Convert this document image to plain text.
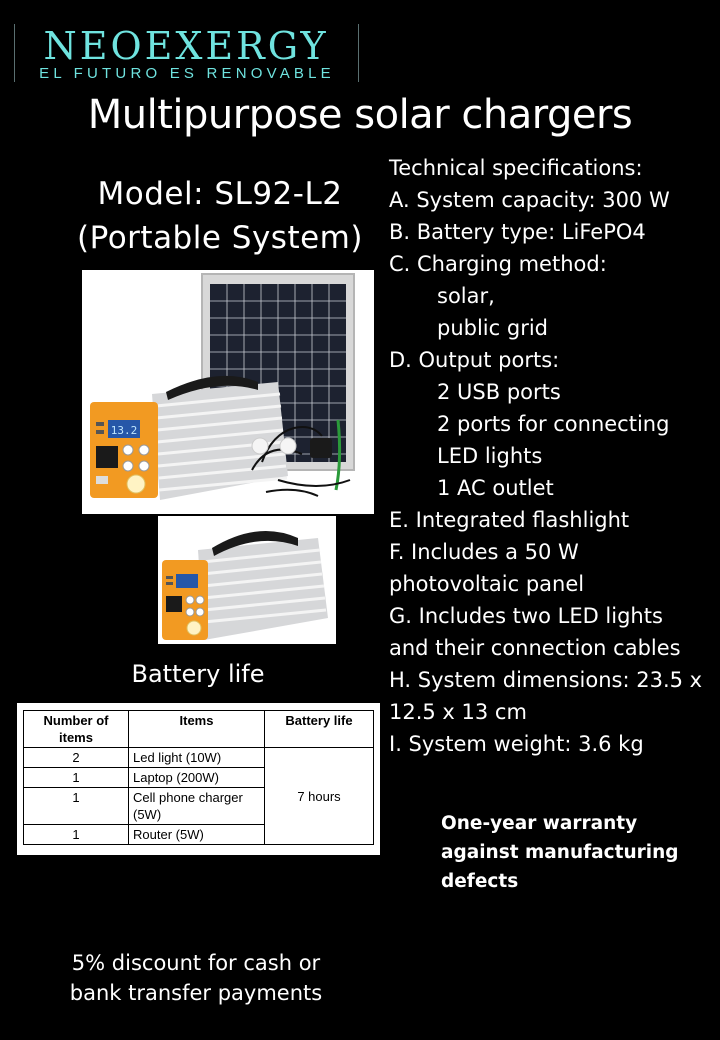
NEOEXERGY
EL FUTURO ES RENOVABLE
Multipurpose solar chargers
Model: SL92-L2
(Portable System)
13.2
Battery life
Number of items	Items	Battery life
2	Led light (10W)	7 hours
1	Laptop (200W)	
1	Cell phone charger (5W)	
1	Router (5W)	
Technical specifications:
A. System capacity: 300 W
B. Battery type: LiFePO4
C. Charging method:
solar,
public grid
D. Output ports:
2 USB ports
2 ports for connecting
LED lights
1 AC outlet
E. Integrated flashlight
F. Includes a 50 W
photovoltaic panel
G. Includes two LED lights
and their connection cables
H. System dimensions: 23.5 x
12.5 x 13 cm
I. System weight: 3.6 kg
One-year warranty
against manufacturing
defects
5% discount for cash or
bank transfer payments
